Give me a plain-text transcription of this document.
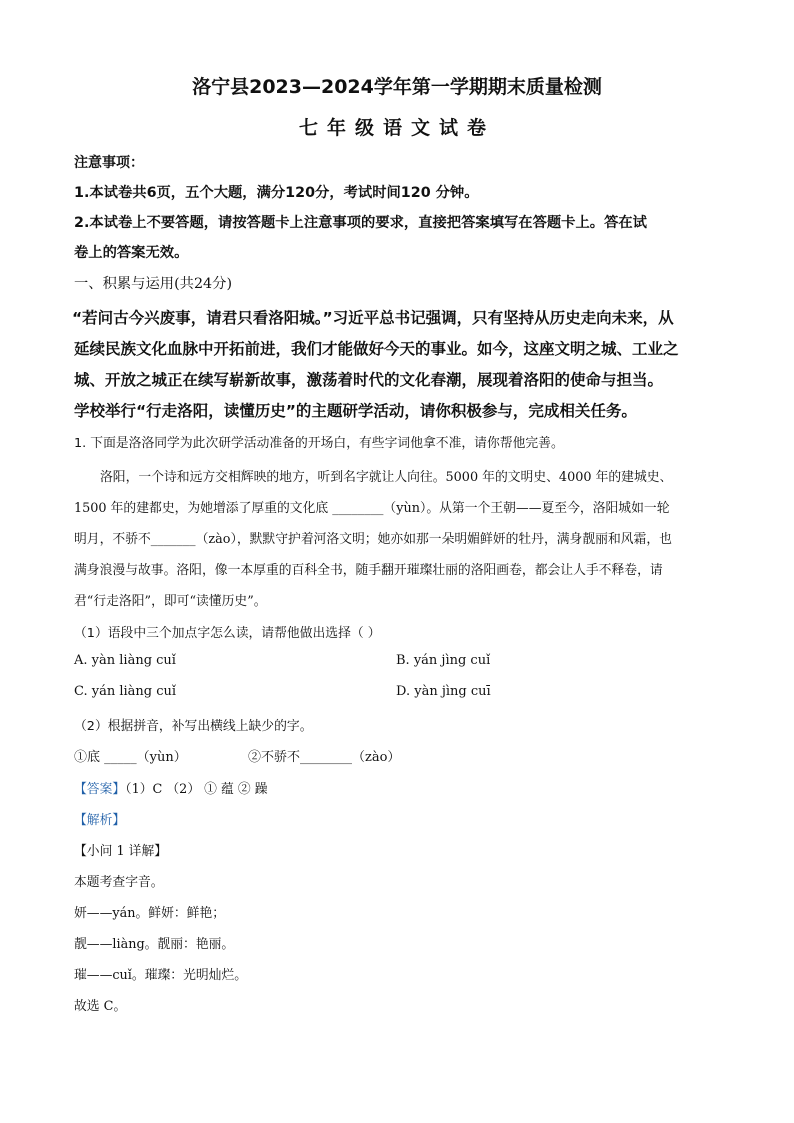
洛宁县2023—2024学年第一学期期末质量检测
七年级语文试卷
注意事项：
1.本试卷共6页，五个大题，满分120分，考试时间120 分钟。
2.本试卷上不要答题，请按答题卡上注意事项的要求，直接把答案填写在答题卡上。答在试
卷上的答案无效。
一、积累与运用(共24分)
“若问古今兴废事，请君只看洛阳城。”习近平总书记强调，只有坚持从历史走向未来，从
延续民族文化血脉中开拓前进，我们才能做好今天的事业。如今，这座文明之城、工业之
城、开放之城正在续写崭新故事，激荡着时代的文化春潮，展现着洛阳的使命与担当。
学校举行“行走洛阳，读懂历史”的主题研学活动，请你积极参与，完成相关任务。
1. 下面是洛洛同学为此次研学活动准备的开场白，有些字词他拿不准，请你帮他完善。
洛阳，一个诗和远方交相辉映的地方，听到名字就让人向往。5000 年的文明史、4000 年的建城史、
1500 年的建都史，为她增添了厚重的文化底 ________（yùn）。从第一个王朝——夏至今，洛阳城如一轮
明月，不骄不_______（zào），默默守护着河洛文明；她亦如那一朵明媚鲜妍的牡丹，满身靓丽和风霜，也
满身浪漫与故事。洛阳，像一本厚重的百科全书，随手翻开璀璨壮丽的洛阳画卷，都会让人手不释卷，请
君“行走洛阳”，即可“读懂历史”。
（1）语段中三个加点字怎么读，请帮他做出选择（ ）
A. yàn liàng cuǐ	B. yán jìng cuǐ
C. yán liàng cuǐ	D. yàn jìng cuī
（2）根据拼音，补写出横线上缺少的字。
①底 _____（yùn）	②不骄不________（zào）
【答案】（1）C （2） ① 蕴 ② 躁
【解析】
【小问 1 详解】
本题考查字音。
妍——yán。鲜妍：鲜艳；
靓——liàng。靓丽：艳丽。
璀——cuǐ。璀璨：光明灿烂。
故选 C。
